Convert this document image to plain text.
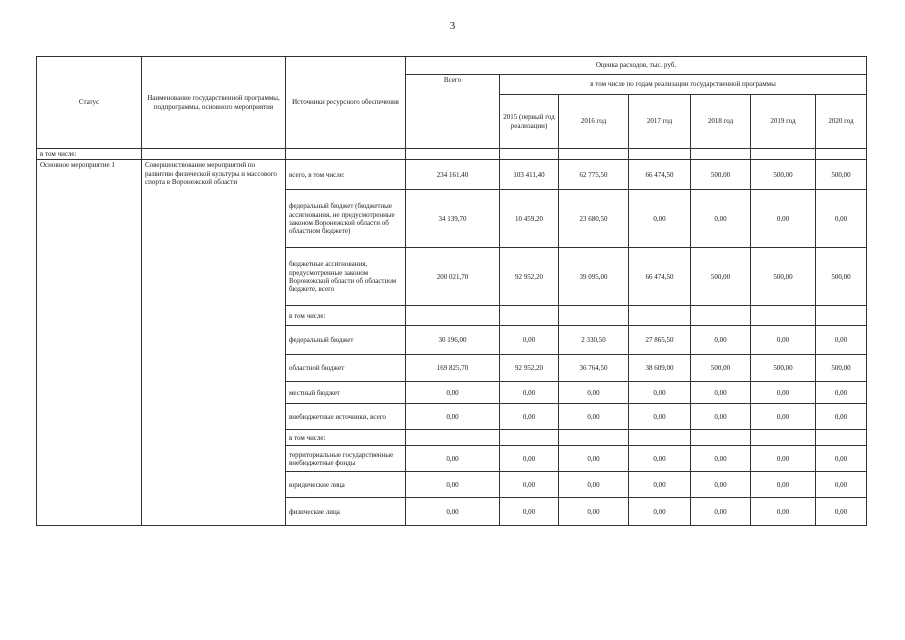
3
Статус	Наименование государственной программы, подпрограммы, основного мероприятия	Источники ресурсного обеспечения	Оценка расходов, тыс. руб.						
			Всего	в том числе по годам реализации государственной программы					
				2015 (первый год реализации)	2016 год	2017 год	2018 год	2019 год	2020 год
в том числе:									
Основное мероприятие 1	Совершенствование мероприятий по развитию физической культуры и массового спорта в Воронежской области	всего, в том числе:	234 161,40	103 411,40	62 775,50	66 474,50	500,00	500,00	500,00
		федеральный бюджет (бюджетные ассигнования, не предусмотренные законом Воронежской области об областном бюджете)	34 139,70	10 459,20	23 680,50	0,00	0,00	0,00	0,00
		бюджетные ассигнования, предусмотренные законом Воронежской области об областном бюджете, всего	200 021,70	92 952,20	39 095,00	66 474,50	500,00	500,00	500,00
		в том числе:							
		федеральный бюджет	30 196,00	0,00	2 330,50	27 865,50	0,00	0,00	0,00
		областной бюджет	169 825,70	92 952,20	36 764,50	38 609,00	500,00	500,00	500,00
		местный бюджет	0,00	0,00	0,00	0,00	0,00	0,00	0,00
		внебюджетные источники, всего	0,00	0,00	0,00	0,00	0,00	0,00	0,00
		в том числе:							
		территориальные государственные внебюджетные фонды	0,00	0,00	0,00	0,00	0,00	0,00	0,00
		юридические лица	0,00	0,00	0,00	0,00	0,00	0,00	0,00
		физические лица	0,00	0,00	0,00	0,00	0,00	0,00	0,00
